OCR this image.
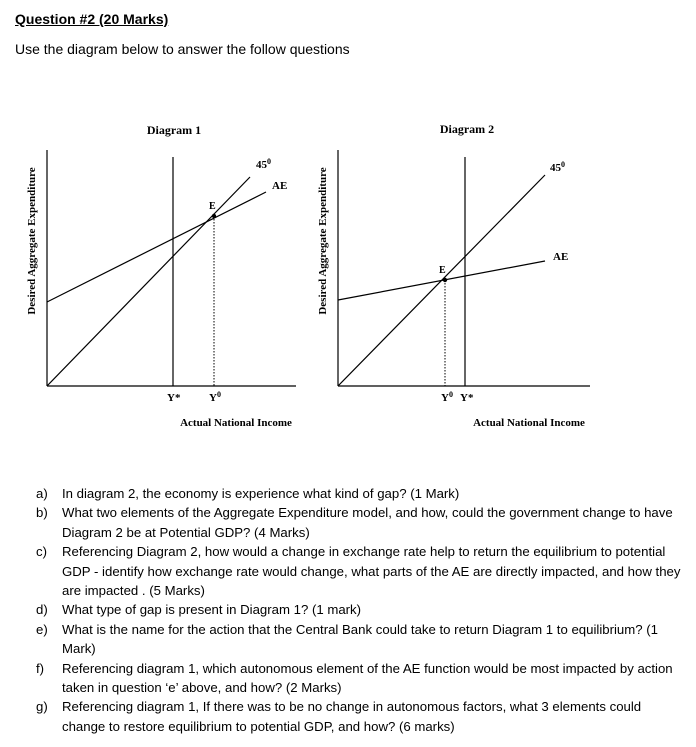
Question #2 (20 Marks)
Use the diagram below to answer the follow questions
Diagram 1
Desired Aggregate Expenditure	E
$45^0$
AE
Y*	$Y^0$
Actual National Income
Diagram 2
Desired Aggregate Expenditure	E
$45^0$
AE
$Y^0$ Y*
Actual National Income
a) In diagram 2, the economy is experience what kind of gap? (1 Mark)
b) What two elements of the Aggregate Expenditure model, and how, could the government change to have Diagram 2 be at Potential GDP? (4 Marks)
c) Referencing Diagram 2, how would a change in exchange rate help to return the equilibrium to potential GDP - identify how exchange rate would change, what parts of the AE are directly impacted, and how they are impacted . (5 Marks)
d) What type of gap is present in Diagram 1? (1 mark)
e) What is the name for the action that the Central Bank could take to return Diagram 1 to equilibrium? (1 Mark)
f) Referencing diagram 1, which autonomous element of the AE function would be most impacted by action taken in question ‘e’ above, and how? (2 Marks)
g) Referencing diagram 1, If there was to be no change in autonomous factors, what 3 elements could change to restore equilibrium to potential GDP, and how? (6 marks)
